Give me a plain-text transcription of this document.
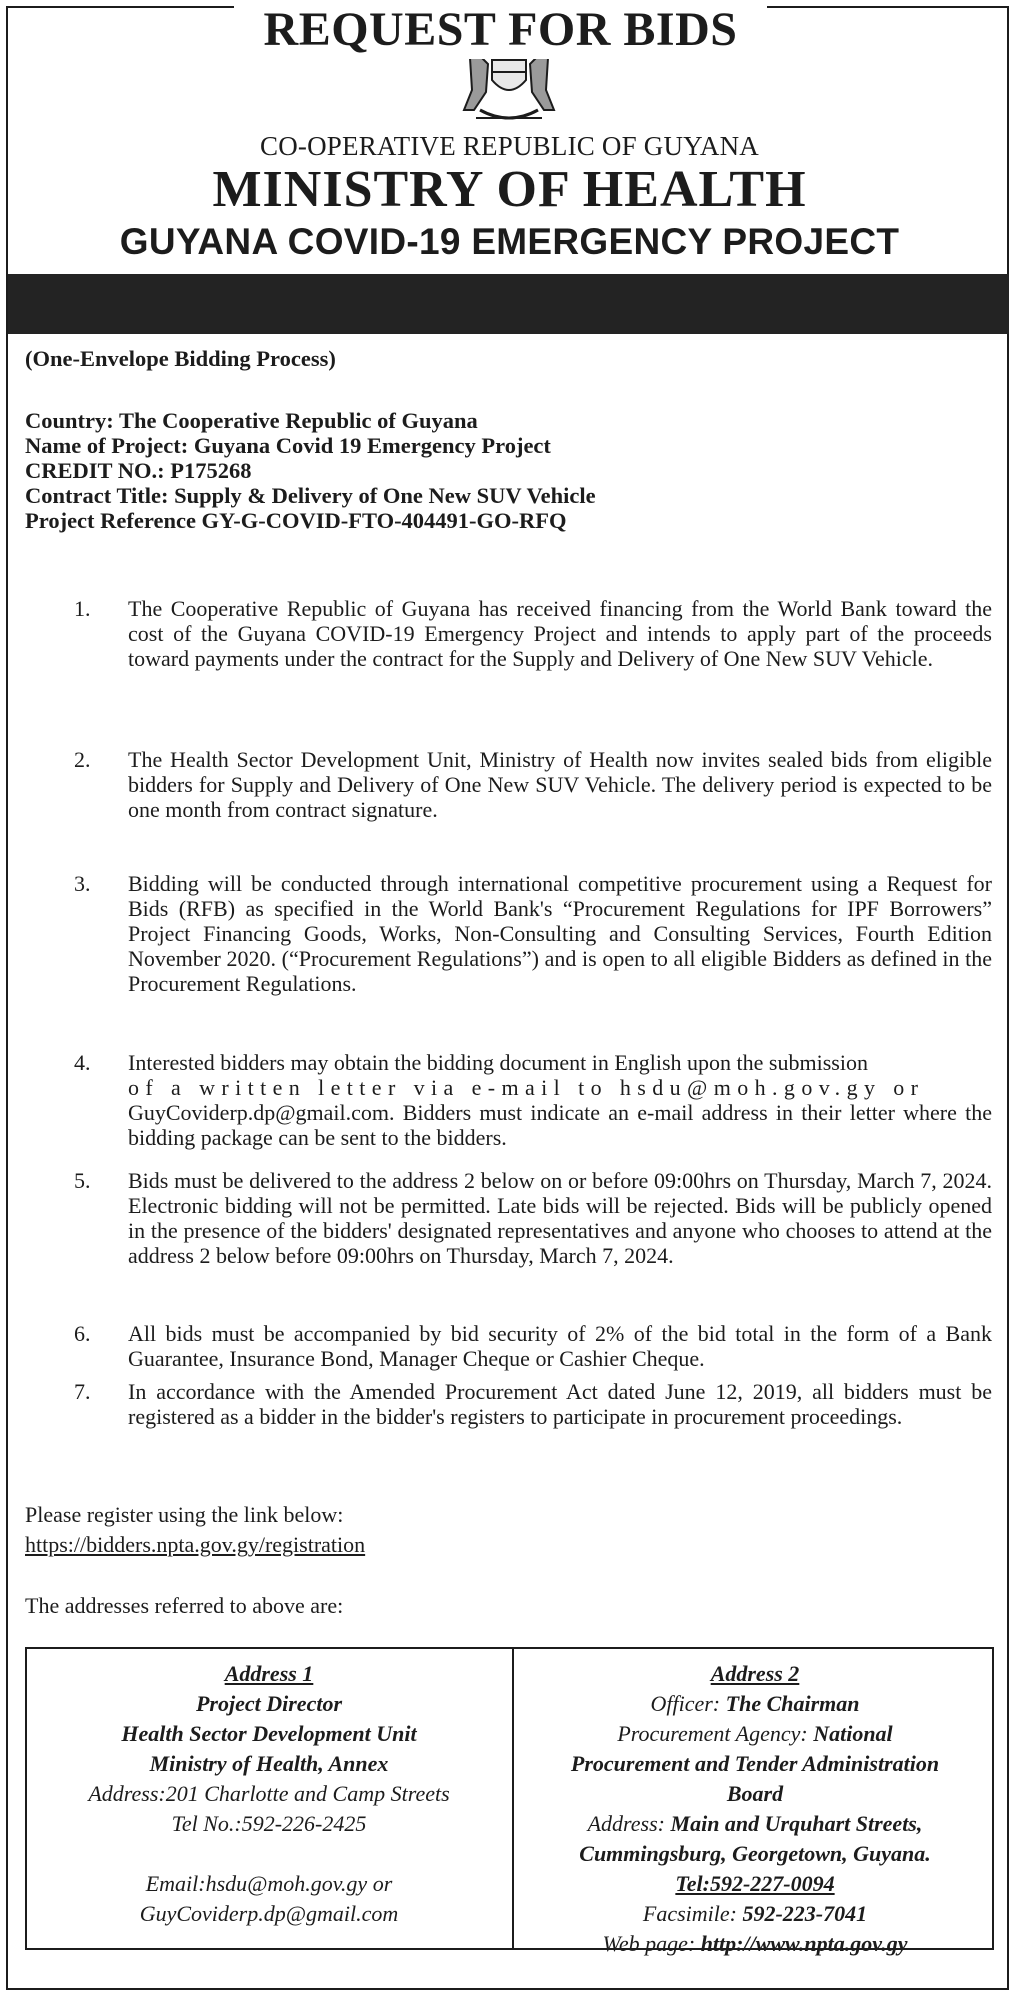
CO-OPERATIVE REPUBLIC OF GUYANA
MINISTRY OF HEALTH
GUYANA COVID-19 EMERGENCY PROJECT
REQUEST FOR BIDS
(One-Envelope Bidding Process)
Country: The Cooperative Republic of Guyana
Name of Project: Guyana Covid 19 Emergency Project
CREDIT NO.: P175268
Contract Title: Supply & Delivery of One New SUV Vehicle
Project Reference GY-G-COVID-FTO-404491-GO-RFQ
1.	The Cooperative Republic of Guyana has received financing from the World Bank toward the cost of the Guyana COVID-19 Emergency Project and intends to apply part of the proceeds toward payments under the contract for the Supply and Delivery of One New SUV Vehicle.
2.	The Health Sector Development Unit, Ministry of Health now invites sealed bids from eligible bidders for Supply and Delivery of One New SUV Vehicle. The delivery period is expected to be one month from contract signature.
3.	Bidding will be conducted through international competitive procurement using a Request for Bids (RFB) as specified in the World Bank's “Procurement Regulations for IPF Borrowers” Project Financing Goods, Works, Non-Consulting and Consulting Services, Fourth Edition November 2020. (“Procurement Regulations”) and is open to all eligible Bidders as defined in the Procurement Regulations.
4.	Interested bidders may obtain the bidding document in English upon the submission
of a written letter via e-mail to hsdu@moh.gov.gy or
GuyCoviderp.dp@gmail.com. Bidders must indicate an e-mail address in their letter where the bidding package can be sent to the bidders.
5.	Bids must be delivered to the address 2 below on or before 09:00hrs on Thursday, March 7, 2024. Electronic bidding will not be permitted. Late bids will be rejected. Bids will be publicly opened in the presence of the bidders' designated representatives and anyone who chooses to attend at the address 2 below before 09:00hrs on Thursday, March 7, 2024.
6.	All bids must be accompanied by bid security of 2% of the bid total in the form of a Bank Guarantee, Insurance Bond, Manager Cheque or Cashier Cheque.
7.	In accordance with the Amended Procurement Act dated June 12, 2019, all bidders must be registered as a bidder in the bidder's registers to participate in procurement proceedings.
Please register using the link below:
https://bidders.npta.gov.gy/registration
The addresses referred to above are:
Address 1
Project Director
Health Sector Development Unit
Ministry of Health, Annex
Address:201 Charlotte and Camp Streets
Tel No.:592-226-2425
Email:hsdu@moh.gov.gy or
GuyCoviderp.dp@gmail.com
Address 2
Officer: The Chairman
Procurement Agency: National
Procurement and Tender Administration
Board
Address: Main and Urquhart Streets,
Cummingsburg, Georgetown, Guyana.
Tel:592-227-0094
Facsimile: 592-223-7041
Web page: http://www.npta.gov.gy
